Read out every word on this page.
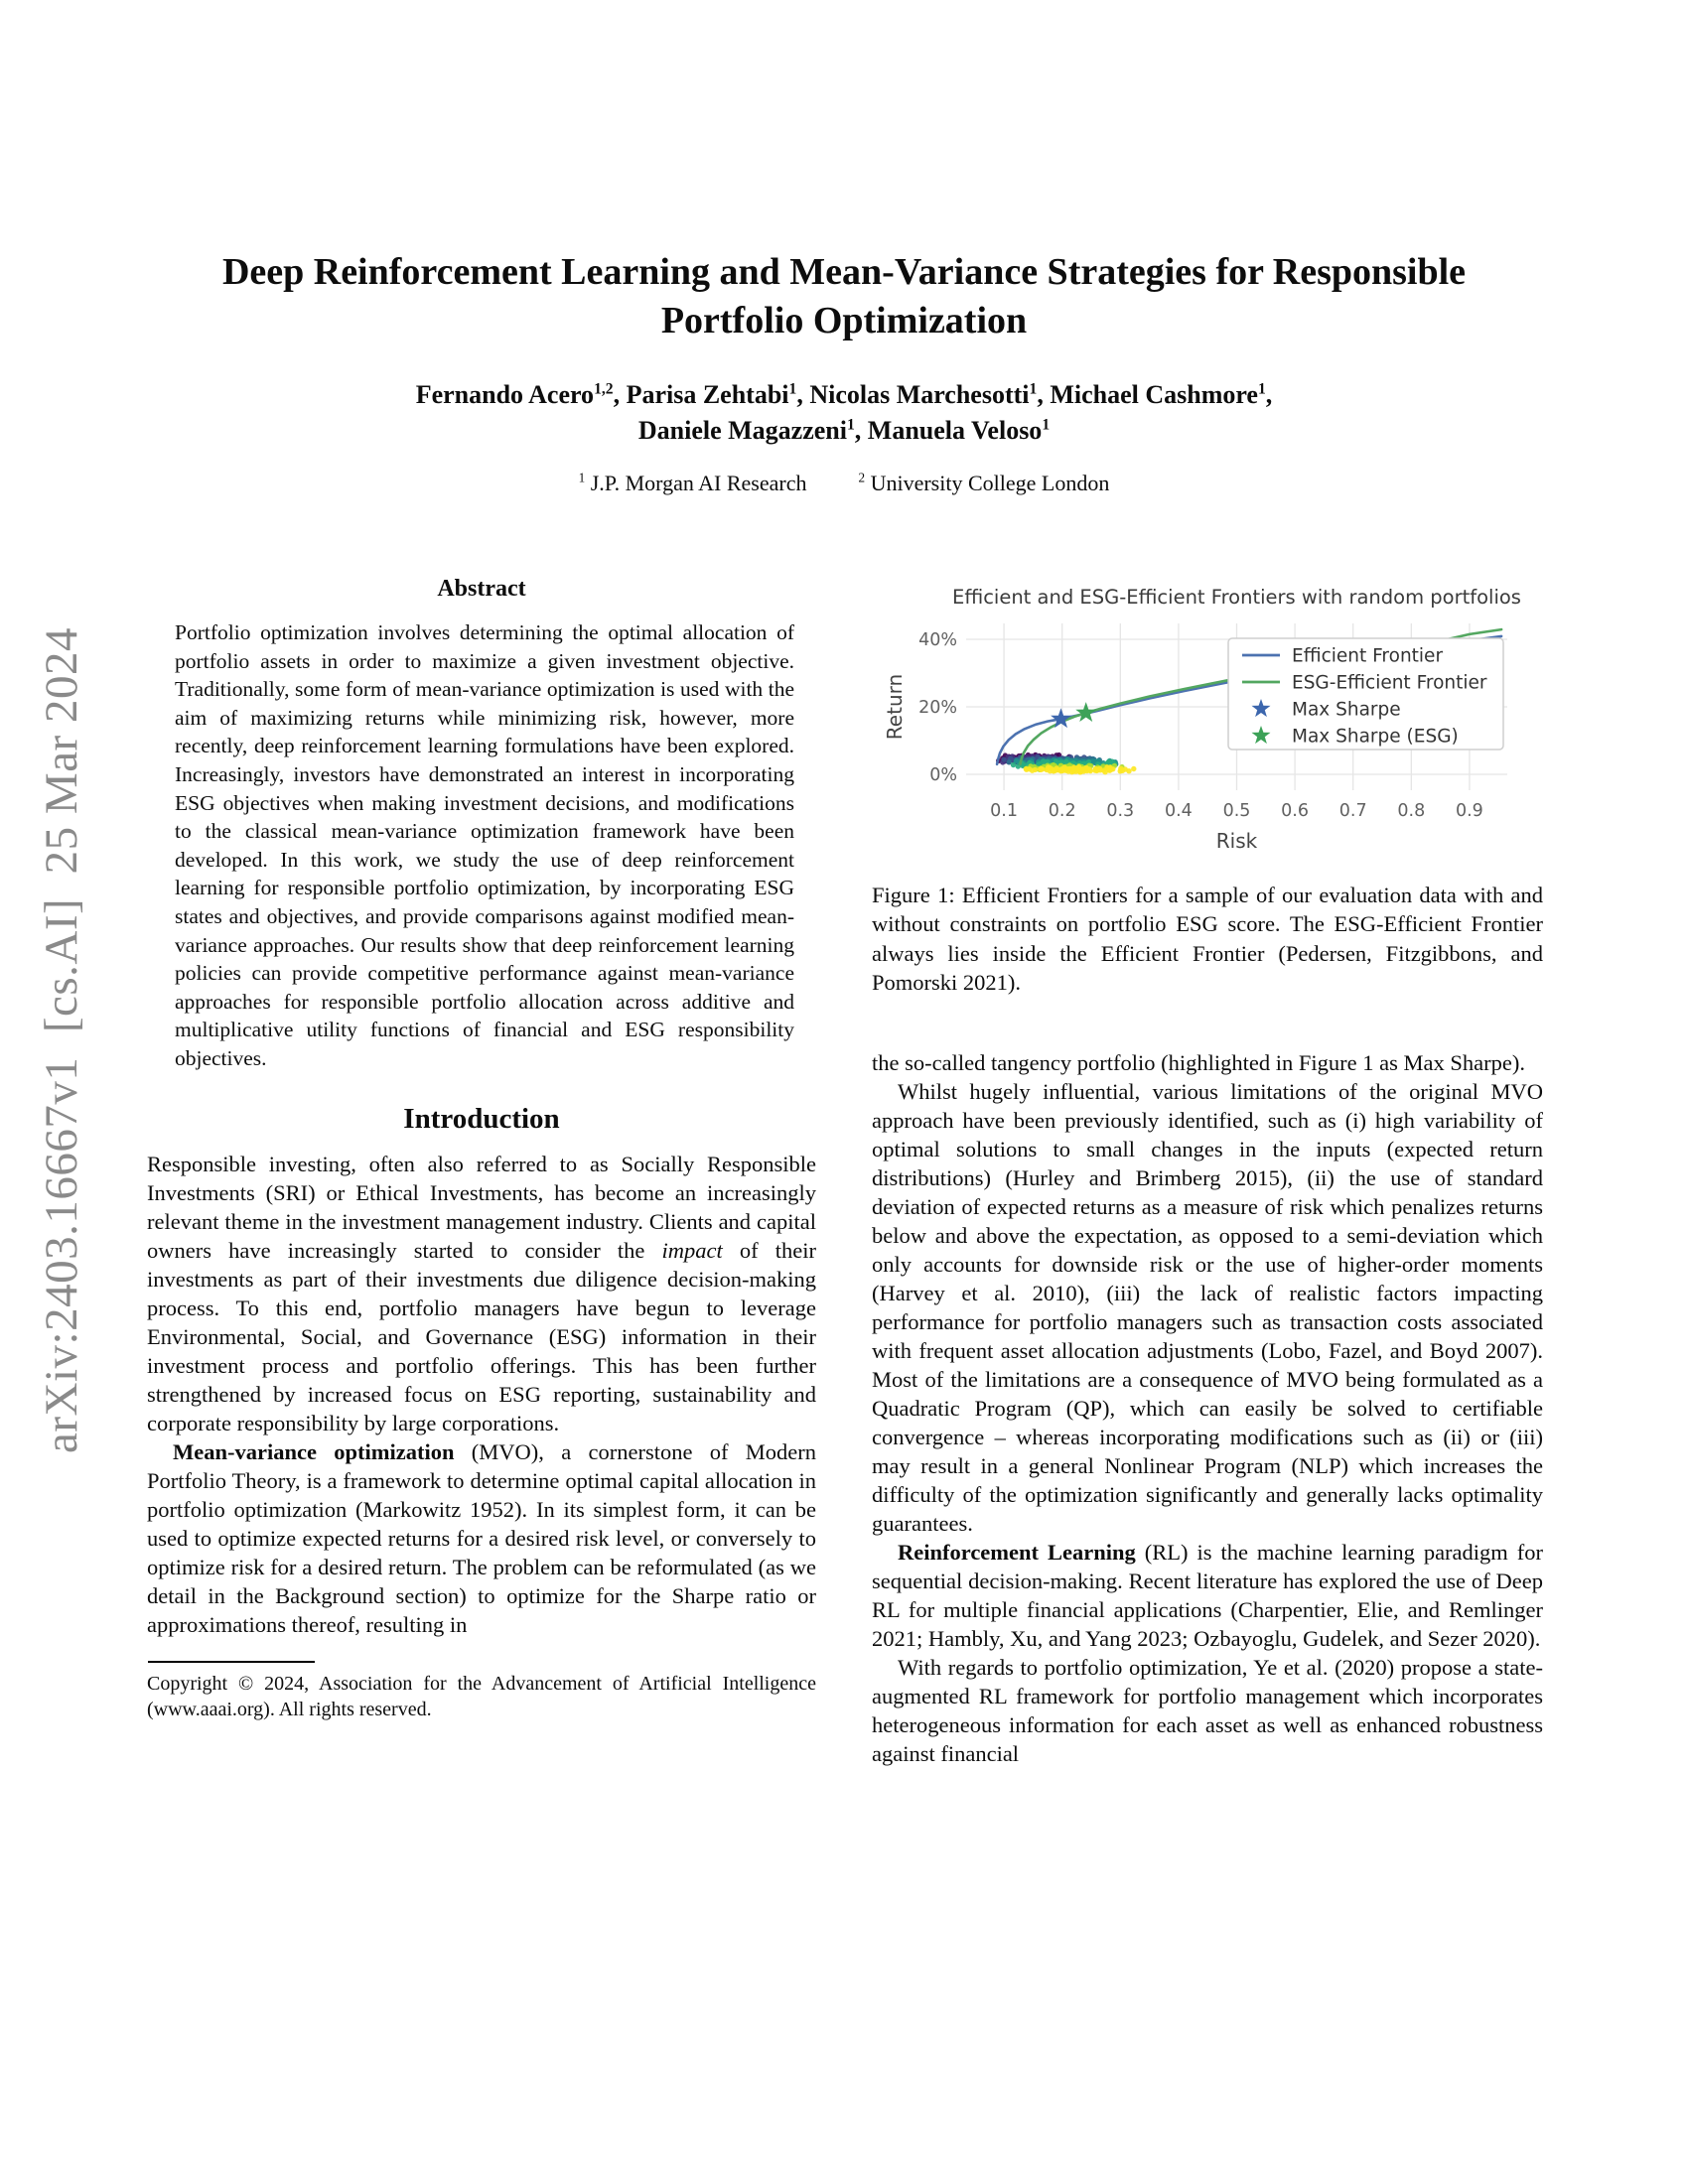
arXiv:2403.16667v1  [cs.AI]  25 Mar 2024
Deep Reinforcement Learning and Mean-Variance Strategies for Responsible
Portfolio Optimization
Fernando Acero$^{1,2}$, Parisa Zehtabi$^1$, Nicolas Marchesotti$^1$, Michael Cashmore$^1$,
Daniele Magazzeni$^1$, Manuela Veloso$^1$
$^1$ J.P. Morgan AI Research	$^2$ University College London
Abstract
Portfolio optimization involves determining the optimal allocation of portfolio assets in order to maximize a given investment objective. Traditionally, some form of mean-variance optimization is used with the aim of maximizing returns while minimizing risk, however, more recently, deep reinforcement learning formulations have been explored. Increasingly, investors have demonstrated an interest in incorporating ESG objectives when making investment decisions, and modifications to the classical mean-variance optimization framework have been developed. In this work, we study the use of deep reinforcement learning for responsible portfolio optimization, by incorporating ESG states and objectives, and provide comparisons against modified mean-variance approaches. Our results show that deep reinforcement learning policies can provide competitive performance against mean-variance approaches for responsible portfolio allocation across additive and multiplicative utility functions of financial and ESG responsibility objectives.
Introduction

Responsible investing, often also referred to as Socially Responsible Investments (SRI) or Ethical Investments, has become an increasingly relevant theme in the investment management industry. Clients and capital owners have increasingly started to consider the impact of their investments as part of their investments due diligence decision-making process. To this end, portfolio managers have begun to leverage Environmental, Social, and Governance (ESG) information in their investment process and portfolio offerings. This has been further strengthened by increased focus on ESG reporting, sustainability and corporate responsibility by large corporations.

Mean-variance optimization (MVO), a cornerstone of Modern Portfolio Theory, is a framework to determine optimal capital allocation in portfolio optimization (Markowitz 1952). In its simplest form, it can be used to optimize expected returns for a desired risk level, or conversely to optimize risk for a desired return. The problem can be reformulated (as we detail in the Background section) to optimize for the Sharpe ratio or approximations thereof, resulting in

Copyright © 2024, Association for the Advancement of Artificial Intelligence (www.aaai.org). All rights reserved.
0.1 0.2 0.3 0.4 0.5 0.6 0.7 0.8 0.9
0%
20%
40%
Efficient and ESG-Efficient Frontiers with random portfolios
Risk
Return
Efficient Frontier
ESG-Efficient Frontier
Max Sharpe
Max Sharpe (ESG)

Figure 1: Efficient Frontiers for a sample of our evaluation data with and without constraints on portfolio ESG score. The ESG-Efficient Frontier always lies inside the Efficient Frontier (Pedersen, Fitzgibbons, and Pomorski 2021).

the so-called tangency portfolio (highlighted in Figure 1 as Max Sharpe).

Whilst hugely influential, various limitations of the original MVO approach have been previously identified, such as (i) high variability of optimal solutions to small changes in the inputs (expected return distributions) (Hurley and Brimberg 2015), (ii) the use of standard deviation of expected returns as a measure of risk which penalizes returns below and above the expectation, as opposed to a semi-deviation which only accounts for downside risk or the use of higher-order moments (Harvey et al. 2010), (iii) the lack of realistic factors impacting performance for portfolio managers such as transaction costs associated with frequent asset allocation adjustments (Lobo, Fazel, and Boyd 2007). Most of the limitations are a consequence of MVO being formulated as a Quadratic Program (QP), which can easily be solved to certifiable convergence – whereas incorporating modifications such as (ii) or (iii) may result in a general Nonlinear Program (NLP) which increases the difficulty of the optimization significantly and generally lacks optimality guarantees.

Reinforcement Learning (RL) is the machine learning paradigm for sequential decision-making. Recent literature has explored the use of Deep RL for multiple financial applications (Charpentier, Elie, and Remlinger 2021; Hambly, Xu, and Yang 2023; Ozbayoglu, Gudelek, and Sezer 2020).

With regards to portfolio optimization, Ye et al. (2020) propose a state-augmented RL framework for portfolio management which incorporates heterogeneous information for each asset as well as enhanced robustness against financial
